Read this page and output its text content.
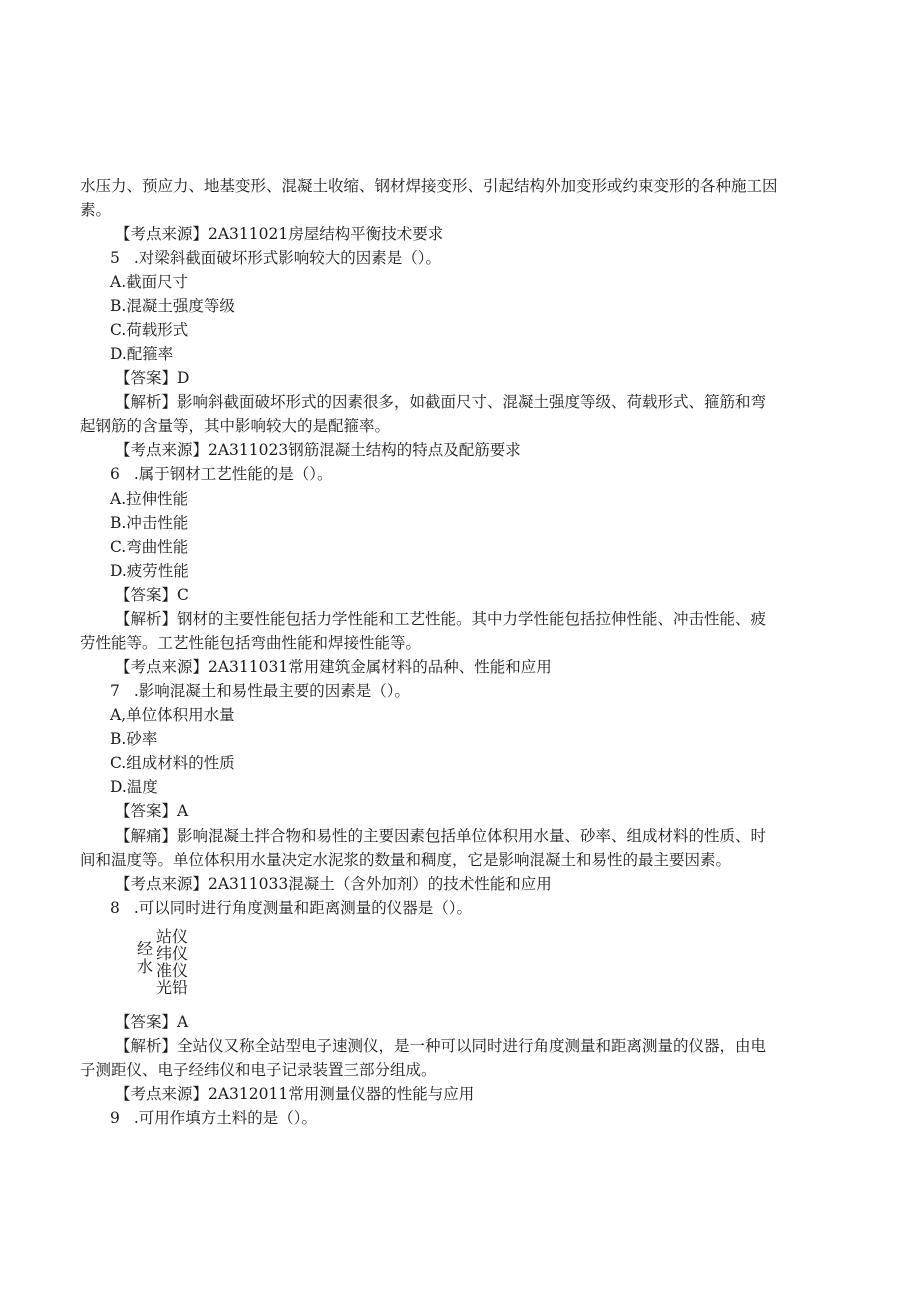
水压力、预应力、地基变形、混凝土收缩、钢材焊接变形、引起结构外加变形或约束变形的各种施工因
素。
【考点来源】2A311021房屋结构平衡技术要求
5 .对梁斜截面破坏形式影响较大的因素是（）。
A.截面尺寸
B.混凝土强度等级
C.荷载形式
D.配箍率
【答案】D
【解析】影响斜截面破坏形式的因素很多，如截面尺寸、混凝土强度等级、荷载形式、箍筋和弯
起钢筋的含量等，其中影响较大的是配箍率。
【考点来源】2A311023钢筋混凝土结构的特点及配筋要求
6 .属于钢材工艺性能的是（）。
A.拉伸性能
B.冲击性能
C.弯曲性能
D.疲劳性能
【答案】C
【解析】钢材的主要性能包括力学性能和工艺性能。其中力学性能包括拉伸性能、冲击性能、疲
劳性能等。工艺性能包括弯曲性能和焊接性能等。
【考点来源】2A311031常用建筑金属材料的品种、性能和应用
7 .影响混凝土和易性最主要的因素是（）。
A,单位体积用水量
B.砂率
C.组成材料的性质
D.温度
【答案】A
【解痛】影响混凝土拌合物和易性的主要因素包括单位体积用水量、砂率、组成材料的性质、时
间和温度等。单位体积用水量决定水泥浆的数量和稠度，它是影响混凝土和易性的最主要因素。
【考点来源】2A311033混凝土（含外加剂）的技术性能和应用
8 .可以同时进行角度测量和距离测量的仪器是（）。
经
水
站仪
纬仪
准仪
光铅
【答案】A
【解析】全站仪又称全站型电子速测仪，是一种可以同时进行角度测量和距离测量的仪器，由电
子测距仪、电子经纬仪和电子记录装置三部分组成。
【考点来源】2A312011常用测量仪器的性能与应用
9 .可用作填方土料的是（）。
